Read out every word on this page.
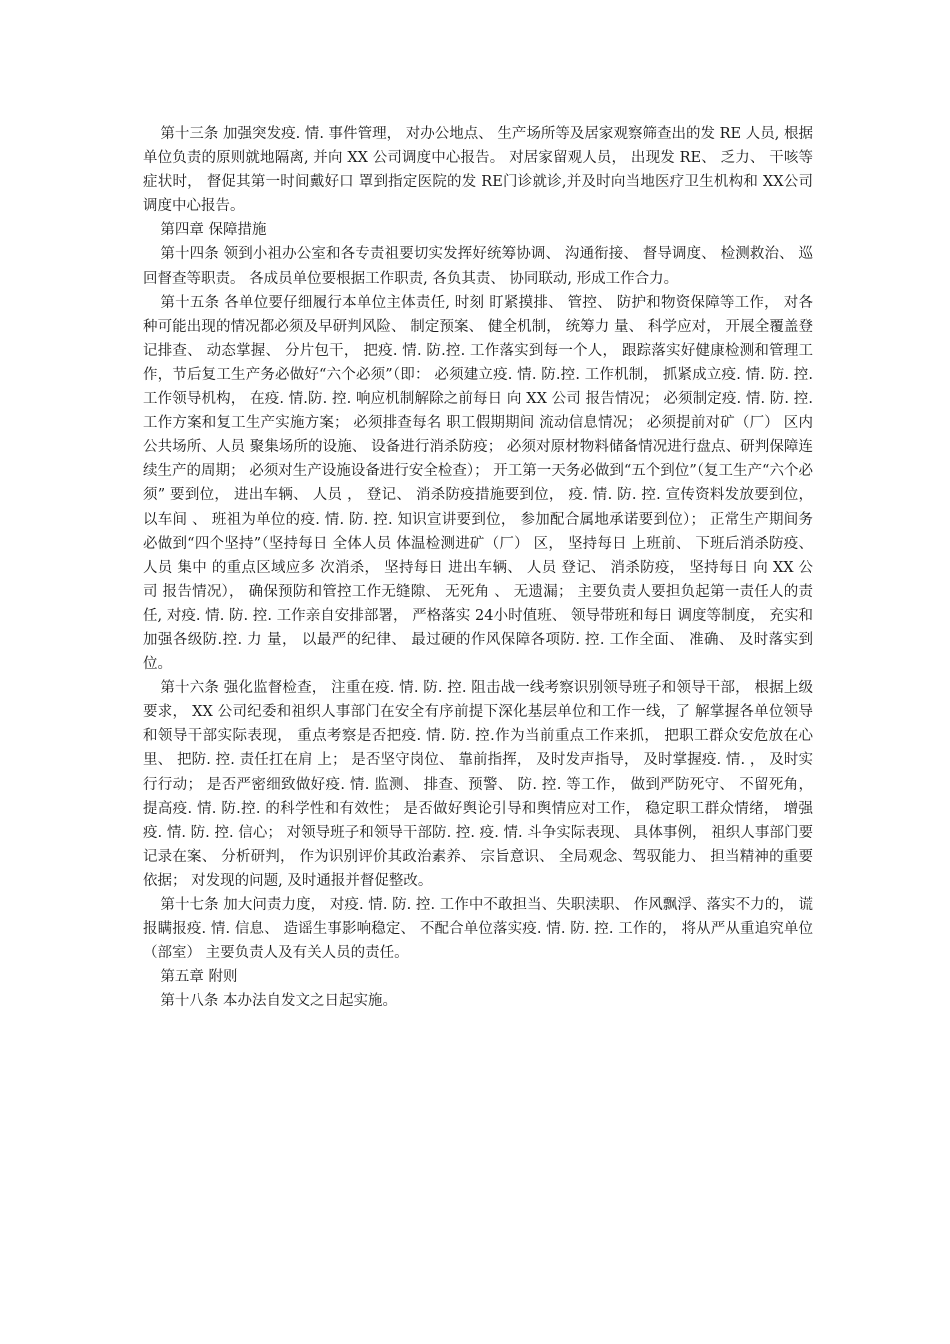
第十三条 加强突发疫. 情. 事件管理， 对办公地点、 生产场所等及居家观察筛查出的发 RE 人员, 根据单位负责的原则就地隔离, 并向 XX 公司调度中心报告。 对居家留观人员， 出现发 RE、 乏力、 干咳等症状时， 督促其第一时间戴好口 罩到指定医院的发 RE门诊就诊,并及时向当地医疗卫生机构和 XX公司调度中心报告。

第四章 保障措施

第十四条 领到小祖办公室和各专责祖要切实发挥好统筹协调、 沟通衔接、 督导调度、 检测救治、 巡回督查等职责。 各成员单位要根据工作职责, 各负其责、 协同联动, 形成工作合力。

第十五条 各单位要仔细履行本单位主体责任, 时刻 盯紧摸排、 管控、 防护和物资保障等工作， 对各种可能出现的情况都必须及早研判风险、 制定预案、 健全机制， 统筹力 量、 科学应对， 开展全覆盖登记排查、 动态掌握、 分片包干， 把疫. 情. 防.控. 工作落实到每一个人， 跟踪落实好健康检测和管理工作，节后复工生产务必做好“六个必须”（即： 必须建立疫. 情. 防.控. 工作机制， 抓紧成立疫. 情. 防. 控. 工作领导机构， 在疫. 情.防. 控. 响应机制解除之前每日 向 XX 公司 报告情况； 必须制定疫. 情. 防. 控. 工作方案和复工生产实施方案； 必须排查每名 职工假期期间 流动信息情况； 必须提前对矿（厂） 区内公共场所、人员 聚集场所的设施、 设备进行消杀防疫； 必须对原材物料储备情况进行盘点、研判保障连续生产的周期； 必须对生产设施设备进行安全检查）； 开工第一天务必做到“五个到位”（复工生产“六个必须” 要到位， 进出车辆、 人员 ， 登记、 消杀防疫措施要到位， 疫. 情. 防. 控. 宣传资料发放要到位， 以车间 、 班祖为单位的疫. 情. 防. 控. 知识宣讲要到位， 参加配合属地承诺要到位）； 正常生产期间务必做到“四个坚持”（坚持每日 全体人员 体温检测进矿（厂） 区， 坚持每日 上班前、 下班后消杀防疫、 人员 集中 的重点区域应多 次消杀， 坚持每日 进出车辆、 人员 登记、 消杀防疫， 坚持每日 向 XX 公司 报告情况）， 确保预防和管控工作无缝隙、 无死角 、 无遗漏； 主要负责人要担负起第一责任人的责任, 对疫. 情. 防. 控. 工作亲自安排部署， 严格落实 24小时值班、 领导带班和每日 调度等制度， 充实和加强各级防.控. 力 量， 以最严的纪律、 最过硬的作风保障各项防. 控. 工作全面、 准确、 及时落实到位。

第十六条 强化监督检查， 注重在疫. 情. 防. 控. 阻击战一线考察识别领导班子和领导干部， 根据上级要求， XX 公司纪委和祖织人事部门在安全有序前提下深化基层单位和工作一线，了 解掌握各单位领导和领导干部实际表现， 重点考察是否把疫. 情. 防. 控.作为当前重点工作来抓， 把职工群众安危放在心里、 把防. 控. 责任扛在肩 上； 是否坚守岗位、 靠前指挥， 及时发声指导， 及时掌握疫. 情. ， 及时实行行动； 是否严密细致做好疫. 情. 监测、 排查、预警、 防. 控. 等工作， 做到严防死守、 不留死角， 提高疫. 情. 防.控. 的科学性和有效性； 是否做好舆论引导和舆情应对工作， 稳定职工群众情绪， 增强疫. 情. 防. 控. 信心； 对领导班子和领导干部防. 控. 疫. 情. 斗争实际表现、 具体事例， 祖织人事部门要记录在案、 分析研判， 作为识别评价其政治素养、 宗旨意识、 全局观念、驾驭能力、 担当精神的重要依据； 对发现的问题, 及时通报并督促整改。

第十七条 加大问责力度， 对疫. 情. 防. 控. 工作中不敢担当、失职渎职、 作风飘浮、落实不力的， 谎报瞒报疫. 情. 信息、 造谣生事影响稳定、 不配合单位落实疫. 情. 防. 控. 工作的， 将从严从重追究单位（部室） 主要负责人及有关人员的责任。

第五章 附则

第十八条 本办法自发文之日起实施。
